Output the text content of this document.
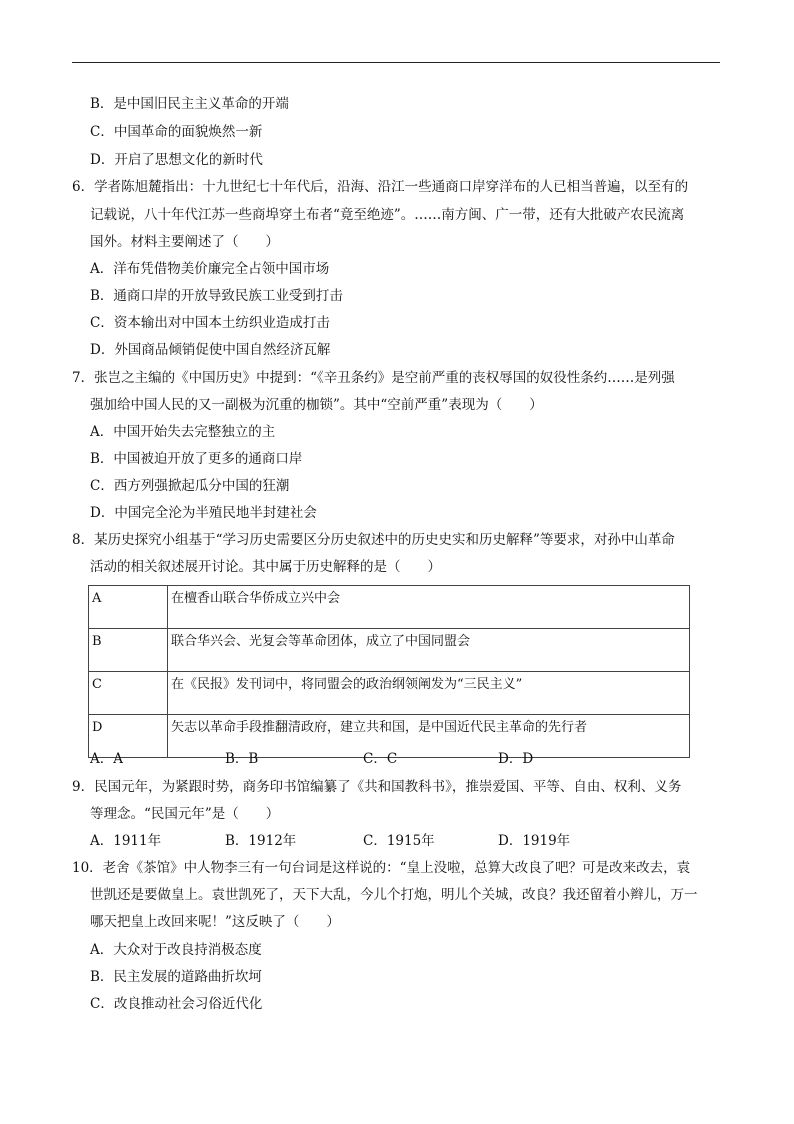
B．是中国旧民主主义革命的开端
C．中国革命的面貌焕然一新
D．开启了思想文化的新时代
6．学者陈旭麓指出：十九世纪七十年代后，沿海、沿江一些通商口岸穿洋布的人已相当普遍，以至有的
记载说，八十年代江苏一些商埠穿土布者“竟至绝迹”。……南方闽、广一带，还有大批破产农民流离
国外。材料主要阐述了（　　）
A．洋布凭借物美价廉完全占领中国市场
B．通商口岸的开放导致民族工业受到打击
C．资本输出对中国本土纺织业造成打击
D．外国商品倾销促使中国自然经济瓦解
7．张岂之主编的《中国历史》中提到：“《辛丑条约》是空前严重的丧权辱国的奴役性条约……是列强
强加给中国人民的又一副极为沉重的枷锁”。其中“空前严重”表现为（　　）
A．中国开始失去完整独立的主
B．中国被迫开放了更多的通商口岸
C．西方列强掀起瓜分中国的狂潮
D．中国完全沦为半殖民地半封建社会
8．某历史探究小组基于“学习历史需要区分历史叙述中的历史史实和历史解释”等要求，对孙中山革命
活动的相关叙述展开讨论。其中属于历史解释的是（　　）
A	在檀香山联合华侨成立兴中会
B	联合华兴会、光复会等革命团体，成立了中国同盟会
C	在《民报》发刊词中，将同盟会的政治纲领阐发为“三民主义”
D	矢志以革命手段推翻清政府，建立共和国，是中国近代民主革命的先行者
A．A	B．B	C．C	D．D
9．民国元年，为紧跟时势，商务印书馆编纂了《共和国教科书》，推崇爱国、平等、自由、权利、义务
等理念。“民国元年”是（　　）
A．1911年	B．1912年	C．1915年	D．1919年
10．老舍《茶馆》中人物李三有一句台词是这样说的：“皇上没啦，总算大改良了吧？可是改来改去，袁
世凯还是要做皇上。袁世凯死了，天下大乱，今儿个打炮，明儿个关城，改良？我还留着小辫儿，万一
哪天把皇上改回来呢！”这反映了（　　）
A．大众对于改良持消极态度
B．民主发展的道路曲折坎坷
C．改良推动社会习俗近代化
